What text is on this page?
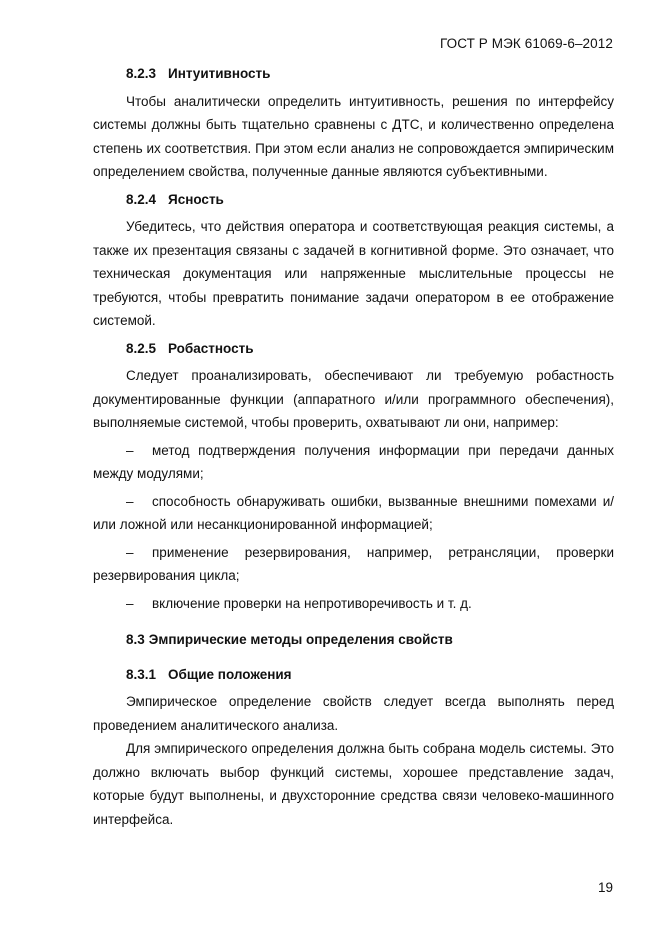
ГОСТ Р МЭК 61069-6–2012

8.2.3 Интуитивность

Чтобы аналитически определить интуитивность, решения по интерфейсу системы должны быть тщательно сравнены с ДТС, и количественно определена степень их соответствия. При этом если анализ не сопровождается эмпирическим определением свойства, полученные данные являются субъективными.

8.2.4 Ясность

Убедитесь, что действия оператора и соответствующая реакция системы, а также их презентация связаны с задачей в когнитивной форме. Это означает, что техническая документация или напряженные мыслительные процессы не требуются, чтобы превратить понимание задачи оператором в ее отображение системой.

8.2.5 Робастность

Следует проанализировать, обеспечивают ли требуемую робастность документированные функции (аппаратного и/или программного обеспечения), выполняемые системой, чтобы проверить, охватывают ли они, например:

– метод подтверждения получения информации при передачи данных между модулями;

– способность обнаруживать ошибки, вызванные внешними помехами и/или ложной или несанкционированной информацией;

– применение резервирования, например, ретрансляции, проверки резервирования цикла;

– включение проверки на непротиворечивость и т. д.

8.3 Эмпирические методы определения свойств

8.3.1 Общие положения

Эмпирическое определение свойств следует всегда выполнять перед проведением аналитического анализа.

Для эмпирического определения должна быть собрана модель системы. Это должно включать выбор функций системы, хорошее представление задач, которые будут выполнены, и двухсторонние средства связи человеко-машинного интерфейса.

19
